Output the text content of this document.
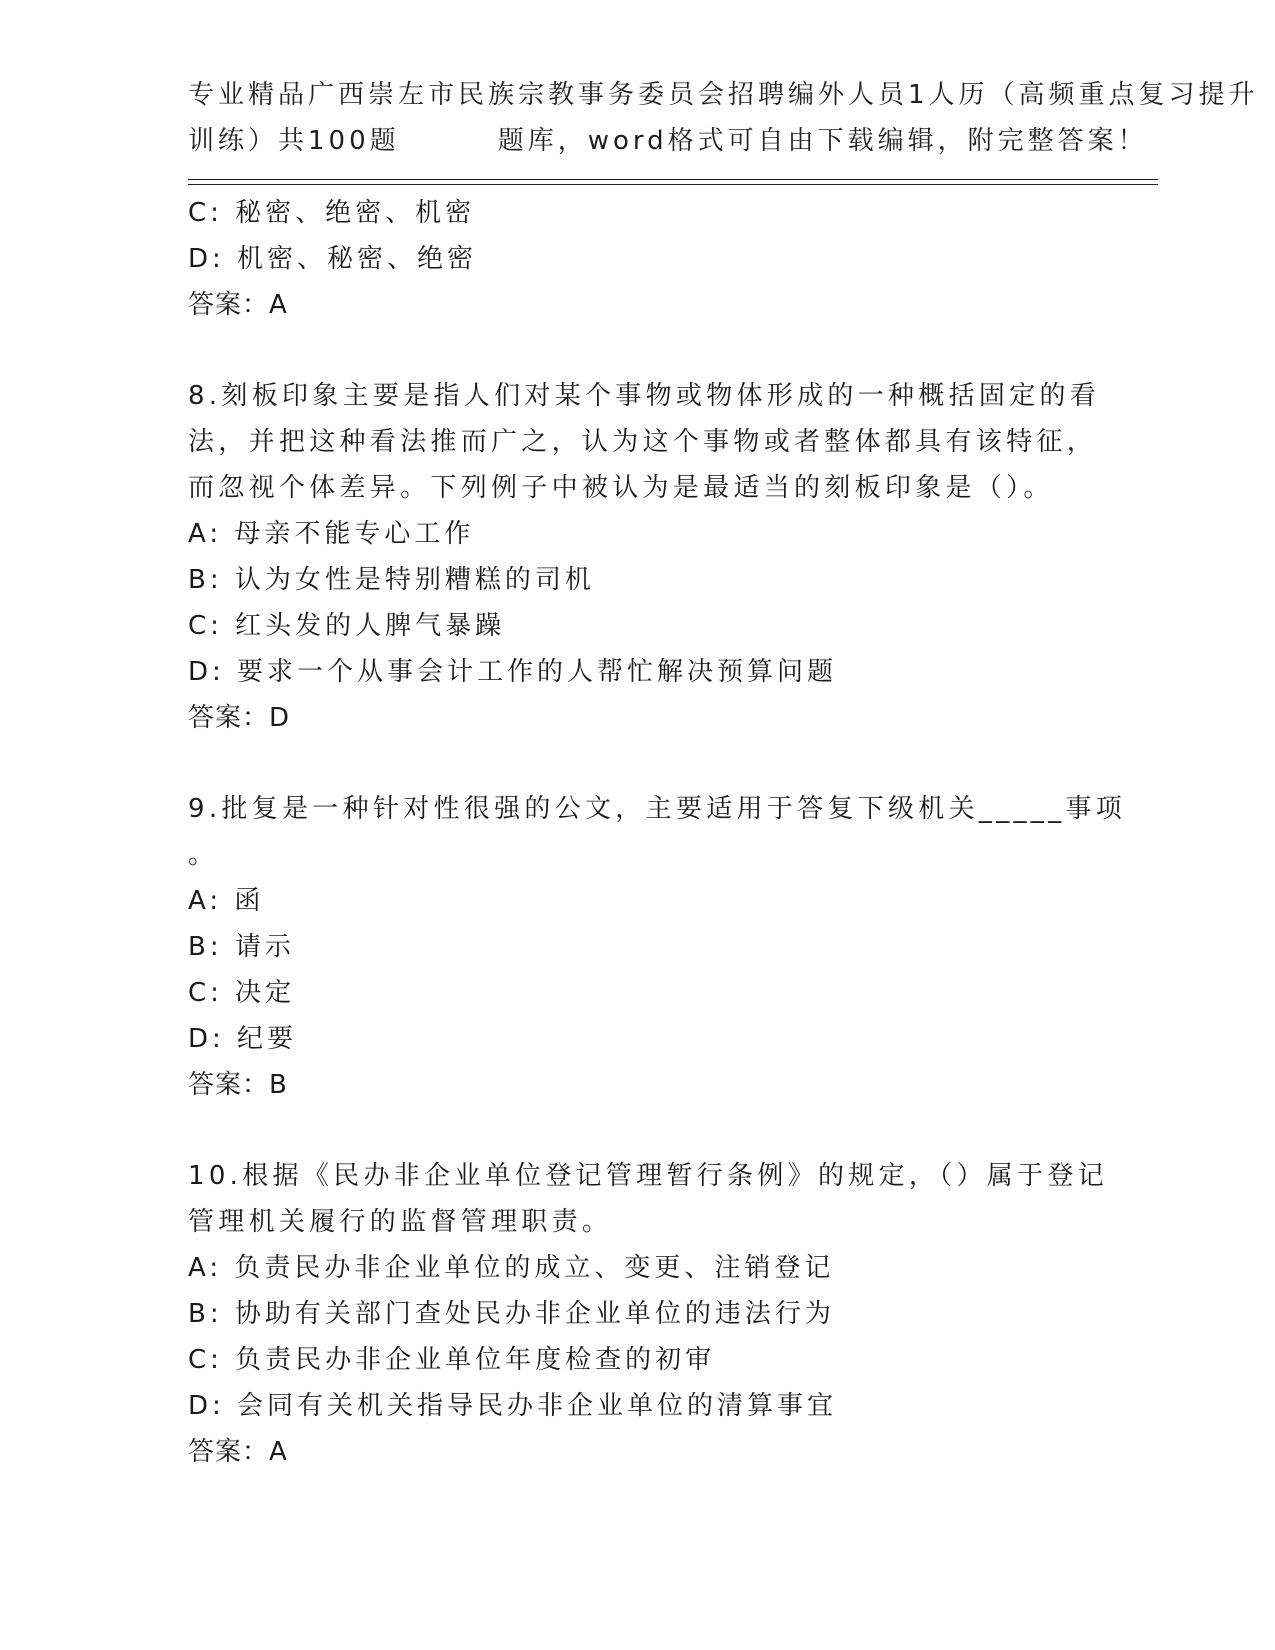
专业精品广西崇左市民族宗教事务委员会招聘编外人员1人历（高频重点复习提升
训练）共100题        题库，word格式可自由下载编辑，附完整答案！
C: 秘密、绝密、机密
D: 机密、秘密、绝密
答案：A
8.刻板印象主要是指人们对某个事物或物体形成的一种概括固定的看
法，并把这种看法推而广之，认为这个事物或者整体都具有该特征，
而忽视个体差异。下列例子中被认为是最适当的刻板印象是（）。
A: 母亲不能专心工作
B: 认为女性是特别糟糕的司机
C: 红头发的人脾气暴躁
D: 要求一个从事会计工作的人帮忙解决预算问题
答案：D
9.批复是一种针对性很强的公文，主要适用于答复下级机关_____事项
。
A: 函
B: 请示
C: 决定
D: 纪要
答案：B
10.根据《民办非企业单位登记管理暂行条例》的规定，（）属于登记
管理机关履行的监督管理职责。
A: 负责民办非企业单位的成立、变更、注销登记
B: 协助有关部门查处民办非企业单位的违法行为
C: 负责民办非企业单位年度检查的初审
D: 会同有关机关指导民办非企业单位的清算事宜
答案：A
